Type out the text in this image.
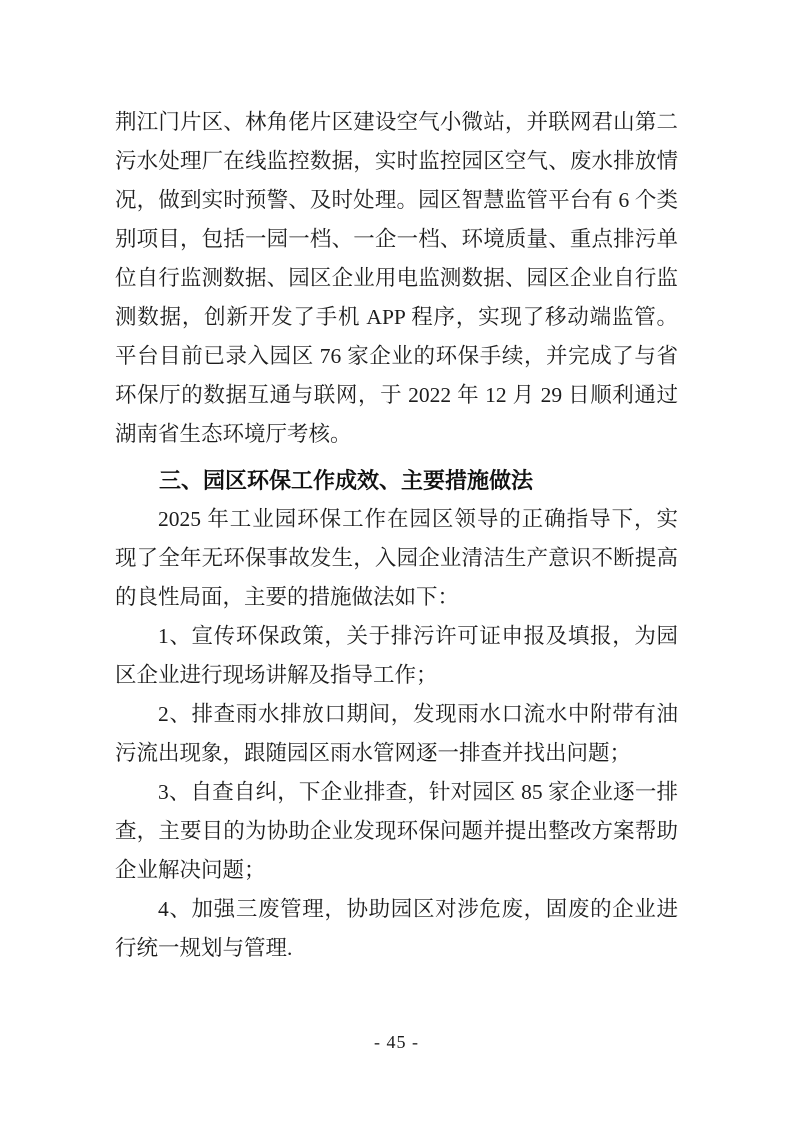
荆江门片区、林角佬片区建设空气小微站，并联网君山第二污水处理厂在线监控数据，实时监控园区空气、废水排放情况，做到实时预警、及时处理。园区智慧监管平台有 6 个类别项目，包括一园一档、一企一档、环境质量、重点排污单位自行监测数据、园区企业用电监测数据、园区企业自行监测数据，创新开发了手机 APP 程序，实现了移动端监管。平台目前已录入园区 76 家企业的环保手续，并完成了与省环保厅的数据互通与联网，于 2022 年 12 月 29 日顺利通过湖南省生态环境厅考核。

三、园区环保工作成效、主要措施做法

2025 年工业园环保工作在园区领导的正确指导下，实现了全年无环保事故发生，入园企业清洁生产意识不断提高的良性局面，主要的措施做法如下：

1、宣传环保政策，关于排污许可证申报及填报，为园区企业进行现场讲解及指导工作；

2、排查雨水排放口期间，发现雨水口流水中附带有油污流出现象，跟随园区雨水管网逐一排查并找出问题；

3、自查自纠，下企业排查，针对园区 85 家企业逐一排查，主要目的为协助企业发现环保问题并提出整改方案帮助企业解决问题；

4、加强三废管理，协助园区对涉危废，固废的企业进行统一规划与管理.

- 45 -
